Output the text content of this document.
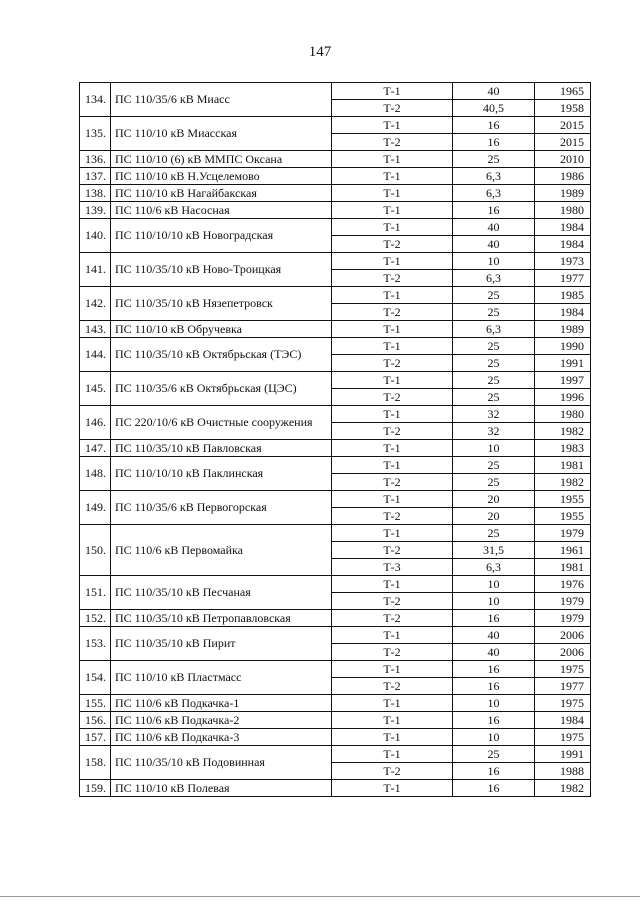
147
134.	ПС 110/35/6 кВ Миасс	Т-1	40	1965
		Т-2	40,5	1958
135.	ПС 110/10 кВ Миасская	Т-1	16	2015
		Т-2	16	2015
136.	ПС 110/10 (6) кВ ММПС Оксана	Т-1	25	2010
137.	ПС 110/10 кВ Н.Усцелемово	Т-1	6,3	1986
138.	ПС 110/10 кВ Нагайбакская	Т-1	6,3	1989
139.	ПС 110/6 кВ Насосная	Т-1	16	1980
140.	ПС 110/10/10 кВ Новоградская	Т-1	40	1984
		Т-2	40	1984
141.	ПС 110/35/10 кВ Ново-Троицкая	Т-1	10	1973
		Т-2	6,3	1977
142.	ПС 110/35/10 кВ Нязепетровск	Т-1	25	1985
		Т-2	25	1984
143.	ПС 110/10 кВ Обручевка	Т-1	6,3	1989
144.	ПС 110/35/10 кВ Октябрьская (ТЭС)	Т-1	25	1990
		Т-2	25	1991
145.	ПС 110/35/6 кВ Октябрьская (ЦЭС)	Т-1	25	1997
		Т-2	25	1996
146.	ПС 220/10/6 кВ Очистные сооружения	Т-1	32	1980
		Т-2	32	1982
147.	ПС 110/35/10 кВ Павловская	Т-1	10	1983
148.	ПС 110/10/10 кВ Паклинская	Т-1	25	1981
		Т-2	25	1982
149.	ПС 110/35/6 кВ Первогорская	Т-1	20	1955
		Т-2	20	1955
150.	ПС 110/6 кВ Первомайка	Т-1	25	1979
		Т-2	31,5	1961
		Т-3	6,3	1981
151.	ПС 110/35/10 кВ Песчаная	Т-1	10	1976
		Т-2	10	1979
152.	ПС 110/35/10 кВ Петропавловская	Т-2	16	1979
153.	ПС 110/35/10 кВ Пирит	Т-1	40	2006
		Т-2	40	2006
154.	ПС 110/10 кВ Пластмасс	Т-1	16	1975
		Т-2	16	1977
155.	ПС 110/6 кВ Подкачка-1	Т-1	10	1975
156.	ПС 110/6 кВ Подкачка-2	Т-1	16	1984
157.	ПС 110/6 кВ Подкачка-3	Т-1	10	1975
158.	ПС 110/35/10 кВ Подовинная	Т-1	25	1991
		Т-2	16	1988
159.	ПС 110/10 кВ Полевая	Т-1	16	1982
